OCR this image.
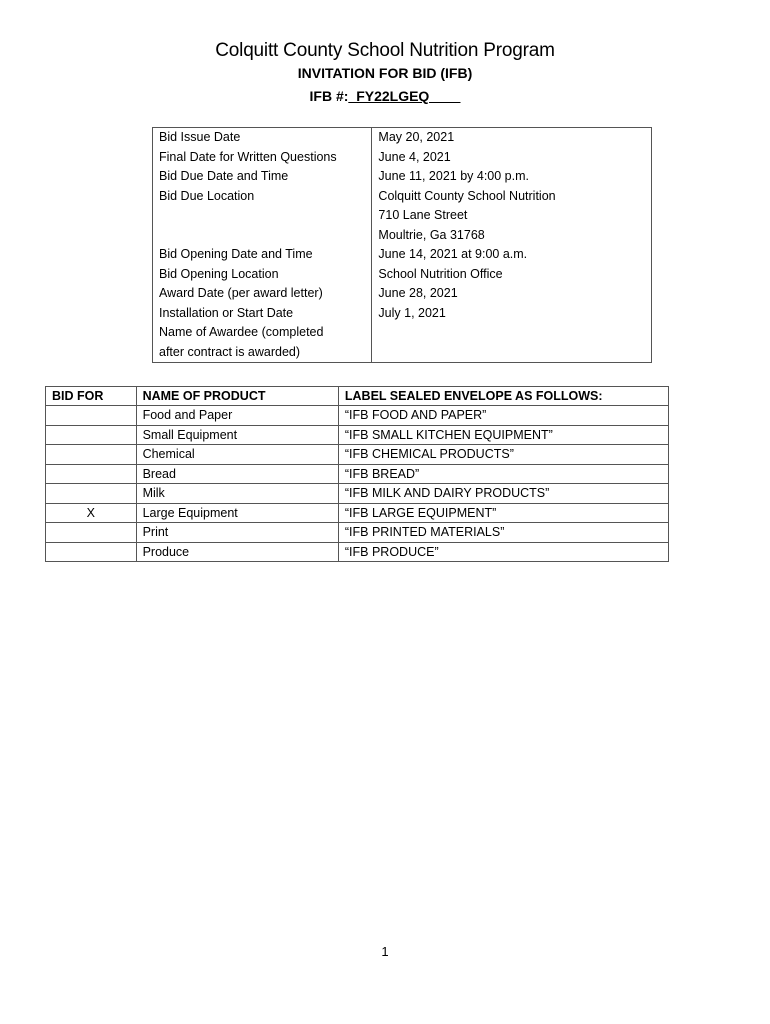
Colquitt County School Nutrition Program
INVITATION FOR BID (IFB)
IFB #:_FY22LGEQ____
Bid Issue Date	May 20, 2021

Final Date for Written Questions	June 4, 2021

Bid Due Date and Time	June 11, 2021 by 4:00 p.m.

Bid Due Location	Colquitt County School Nutrition
710 Lane Street
Moultrie, Ga 31768

Bid Opening Date and Time	June 14, 2021 at 9:00 a.m.

Bid Opening Location	School Nutrition Office

Award Date (per award letter)	June 28, 2021

Installation or Start Date	July 1, 2021

Name of Awardee (completed
after contract is awarded)	

BID FOR	NAME OF PRODUCT	LABEL SEALED ENVELOPE AS FOLLOWS:
	Food and Paper	“IFB FOOD AND PAPER”
	Small Equipment	“IFB SMALL KITCHEN EQUIPMENT”
	Chemical	“IFB CHEMICAL PRODUCTS”
	Bread	“IFB BREAD”
	Milk	“IFB MILK AND DAIRY PRODUCTS”
X	Large Equipment	“IFB LARGE EQUIPMENT”
	Print	“IFB PRINTED MATERIALS”
	Produce	“IFB PRODUCE”
1
